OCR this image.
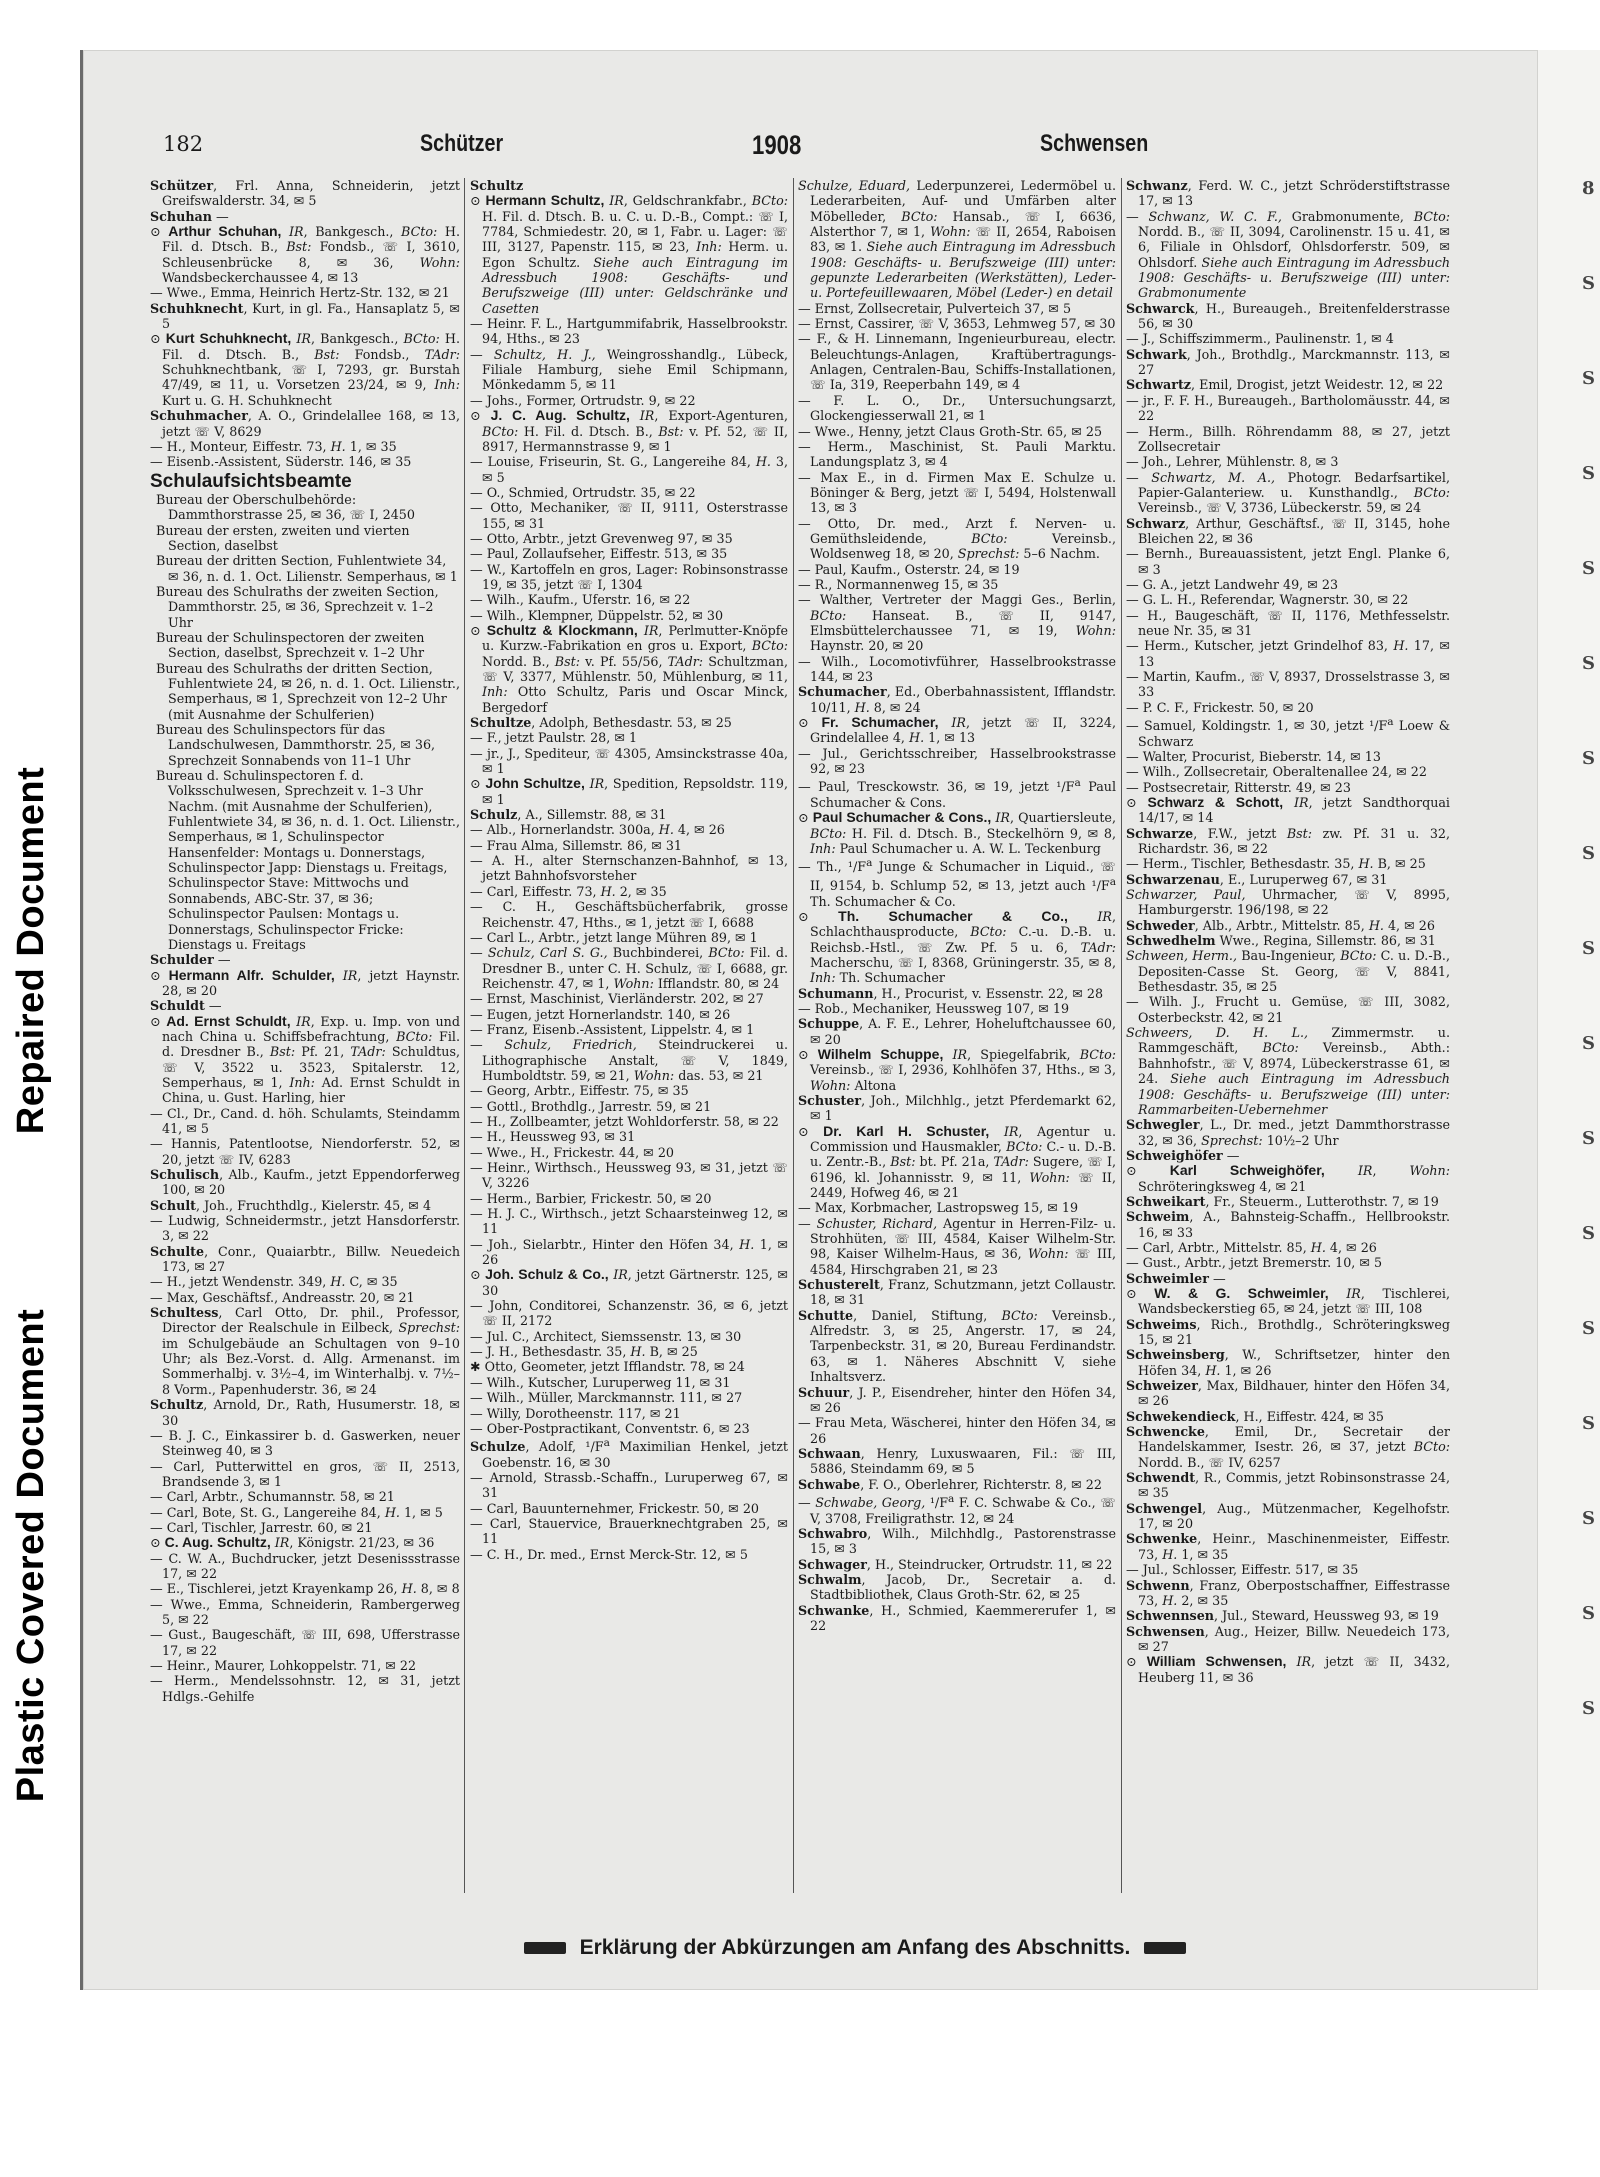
Repaired Document
Plastic Covered Document
8
S
S
S
S
S
S
S
S
S
S
S
S
S
S
S
S
182	Schützer	1908	Schwensen

Schützer, Frl. Anna, Schneiderin, jetzt Greifswalderstr. 34, ✉ 5

Schuhan —

⊙ Arthur Schuhan, IR, Bankgesch., BCto: H. Fil. d. Dtsch. B., Bst: Fondsb., ☏ I, 3610, Schleusenbrücke 8, ✉ 36, Wohn: Wandsbeckerchaussee 4, ✉ 13

— Wwe., Emma, Heinrich Hertz-Str. 132, ✉ 21

Schuhknecht, Kurt, in gl. Fa., Hansaplatz 5, ✉ 5

⊙ Kurt Schuhknecht, IR, Bankgesch., BCto: H. Fil. d. Dtsch. B., Bst: Fondsb., TAdr: Schuhknechtbank, ☏ I, 7293, gr. Burstah 47/49, ✉ 11, u. Vorsetzen 23/24, ✉ 9, Inh: Kurt u. G. H. Schuhknecht

Schuhmacher, A. O., Grindelallee 168, ✉ 13, jetzt ☏ V, 8629

— H., Monteur, Eiffestr. 73, H. 1, ✉ 35

— Eisenb.-Assistent, Süderstr. 146, ✉ 35

Schulaufsichtsbeamte

Bureau der Oberschulbehörde: Dammthorstrasse 25, ✉ 36, ☏ I, 2450

Bureau der ersten, zweiten und vierten Section, daselbst

Bureau der dritten Section, Fuhlentwiete 34, ✉ 36, n. d. 1. Oct. Lilienstr. Semperhaus, ✉ 1

Bureau des Schulraths der zweiten Section, Dammthorstr. 25, ✉ 36, Sprechzeit v. 1–2 Uhr

Bureau der Schulinspectoren der zweiten Section, daselbst, Sprechzeit v. 1–2 Uhr

Bureau des Schulraths der dritten Section, Fuhlentwiete 24, ✉ 26, n. d. 1. Oct. Lilienstr., Semperhaus, ✉ 1, Sprechzeit von 12–2 Uhr (mit Ausnahme der Schulferien)

Bureau des Schulinspectors für das Landschulwesen, Dammthorstr. 25, ✉ 36, Sprechzeit Sonnabends von 11–1 Uhr

Bureau d. Schulinspectoren f. d. Volksschulwesen, Sprechzeit v. 1–3 Uhr Nachm. (mit Ausnahme der Schulferien), Fuhlentwiete 34, ✉ 36, n. d. 1. Oct. Lilienstr., Semperhaus, ✉ 1, Schulinspector Hansenfelder: Montags u. Donnerstags, Schulinspector Japp: Dienstags u. Freitags, Schulinspector Stave: Mittwochs und Sonnabends, ABC-Str. 37, ✉ 36; Schulinspector Paulsen: Montags u. Donnerstags, Schulinspector Fricke: Dienstags u. Freitags

Schulder —

⊙ Hermann Alfr. Schulder, IR, jetzt Haynstr. 28, ✉ 20

Schuldt —

⊙ Ad. Ernst Schuldt, IR, Exp. u. Imp. von und nach China u. Schiffsbefrachtung, BCto: Fil. d. Dresdner B., Bst: Pf. 21, TAdr: Schuldtus, ☏ V, 3522 u. 3523, Spitalerstr. 12, Semperhaus, ✉ 1, Inh: Ad. Ernst Schuldt in China, u. Gust. Harling, hier

— Cl., Dr., Cand. d. höh. Schulamts, Steindamm 41, ✉ 5

— Hannis, Patentlootse, Niendorferstr. 52, ✉ 20, jetzt ☏ IV, 6283

Schulisch, Alb., Kaufm., jetzt Eppendorferweg 100, ✉ 20

Schult, Joh., Fruchthdlg., Kielerstr. 45, ✉ 4

— Ludwig, Schneidermstr., jetzt Hansdorferstr. 3, ✉ 22

Schulte, Conr., Quaiarbtr., Billw. Neuedeich 173, ✉ 27

— H., jetzt Wendenstr. 349, H. C, ✉ 35

— Max, Geschäftsf., Andreasstr. 20, ✉ 21

Schultess, Carl Otto, Dr. phil., Professor, Director der Realschule in Eilbeck, Sprechst: im Schulgebäude an Schultagen von 9–10 Uhr; als Bez.-Vorst. d. Allg. Armenanst. im Sommerhalbj. v. 3½–4, im Winterhalbj. v. 7½–8 Vorm., Papenhuderstr. 36, ✉ 24

Schultz, Arnold, Dr., Rath, Husumerstr. 18, ✉ 30

— B. J. C., Einkassirer b. d. Gaswerken, neuer Steinweg 40, ✉ 3

— Carl, Putterwittel en gros, ☏ II, 2513, Brandsende 3, ✉ 1

— Carl, Arbtr., Schumannstr. 58, ✉ 21

— Carl, Bote, St. G., Langereihe 84, H. 1, ✉ 5

— Carl, Tischler, Jarrestr. 60, ✉ 21

⊙ C. Aug. Schultz, IR, Königstr. 21/23, ✉ 36

— C. W. A., Buchdrucker, jetzt Desenissstrasse 17, ✉ 22

— E., Tischlerei, jetzt Krayenkamp 26, H. 8, ✉ 8

— Wwe., Emma, Schneiderin, Rambergerweg 5, ✉ 22

— Gust., Baugeschäft, ☏ III, 698, Ufferstrasse 17, ✉ 22

— Heinr., Maurer, Lohkoppelstr. 71, ✉ 22

— Herm., Mendelssohnstr. 12, ✉ 31, jetzt Hdlgs.-Gehilfe

Schultz

⊙ Hermann Schultz, IR, Geldschrankfabr., BCto: H. Fil. d. Dtsch. B. u. C. u. D.-B., Compt.: ☏ I, 7784, Schmiedestr. 20, ✉ 1, Fabr. u. Lager: ☏ III, 3127, Papenstr. 115, ✉ 23, Inh: Herm. u. Egon Schultz. Siehe auch Eintragung im Adressbuch 1908: Geschäfts- und Berufszweige (III) unter: Geldschränke und Casetten

— Heinr. F. L., Hartgummifabrik, Hasselbrookstr. 94, Hths., ✉ 23

— Schultz, H. J., Weingrosshandlg., Lübeck, Filiale Hamburg, siehe Emil Schipmann, Mönkedamm 5, ✉ 11

— Johs., Former, Ortrudstr. 9, ✉ 22

⊙ J. C. Aug. Schultz, IR, Export-Agenturen, BCto: H. Fil. d. Dtsch. B., Bst: v. Pf. 52, ☏ II, 8917, Hermannstrasse 9, ✉ 1

— Louise, Friseurin, St. G., Langereihe 84, H. 3, ✉ 5

— O., Schmied, Ortrudstr. 35, ✉ 22

— Otto, Mechaniker, ☏ II, 9111, Osterstrasse 155, ✉ 31

— Otto, Arbtr., jetzt Grevenweg 97, ✉ 35

— Paul, Zollaufseher, Eiffestr. 513, ✉ 35

— W., Kartoffeln en gros, Lager: Robinsonstrasse 19, ✉ 35, jetzt ☏ I, 1304

— Wilh., Kaufm., Uferstr. 16, ✉ 22

— Wilh., Klempner, Düppelstr. 52, ✉ 30

⊙ Schultz & Klockmann, IR, Perlmutter-Knöpfe u. Kurzw.-Fabrikation en gros u. Export, BCto: Nordd. B., Bst: v. Pf. 55/56, TAdr: Schultzman, ☏ V, 3377, Mühlenstr. 50, Mühlenburg, ✉ 11, Inh: Otto Schultz, Paris und Oscar Minck, Bergedorf

Schultze, Adolph, Bethesdastr. 53, ✉ 25

— F., jetzt Paulstr. 28, ✉ 1

— jr., J., Spediteur, ☏ 4305, Amsinckstrasse 40a, ✉ 1

⊙ John Schultze, IR, Spedition, Repsoldstr. 119, ✉ 1

Schulz, A., Sillemstr. 88, ✉ 31

— Alb., Hornerlandstr. 300a, H. 4, ✉ 26

— Frau Alma, Sillemstr. 86, ✉ 31

— A. H., alter Sternschanzen-Bahnhof, ✉ 13, jetzt Bahnhofsvorsteher

— Carl, Eiffestr. 73, H. 2, ✉ 35

— C. H., Geschäftsbücherfabrik, grosse Reichenstr. 47, Hths., ✉ 1, jetzt ☏ I, 6688

— Carl L., Arbtr., jetzt lange Mühren 89, ✉ 1

— Schulz, Carl S. G., Buchbinderei, BCto: Fil. d. Dresdner B., unter C. H. Schulz, ☏ I, 6688, gr. Reichenstr. 47, ✉ 1, Wohn: Ifflandstr. 80, ✉ 24

— Ernst, Maschinist, Vierländerstr. 202, ✉ 27

— Eugen, jetzt Hornerlandstr. 140, ✉ 26

— Franz, Eisenb.-Assistent, Lippelstr. 4, ✉ 1

— Schulz, Friedrich, Steindruckerei u. Lithographische Anstalt, ☏ V, 1849, Humboldtstr. 59, ✉ 21, Wohn: das. 53, ✉ 21

— Georg, Arbtr., Eiffestr. 75, ✉ 35

— Gottl., Brothdlg., Jarrestr. 59, ✉ 21

— H., Zollbeamter, jetzt Wohldorferstr. 58, ✉ 22

— H., Heussweg 93, ✉ 31

— Wwe., H., Frickestr. 44, ✉ 20

— Heinr., Wirthsch., Heussweg 93, ✉ 31, jetzt ☏ V, 3226

— Herm., Barbier, Frickestr. 50, ✉ 20

— H. J. C., Wirthsch., jetzt Schaarsteinweg 12, ✉ 11

— Joh., Sielarbtr., Hinter den Höfen 34, H. 1, ✉ 26

⊙ Joh. Schulz & Co., IR, jetzt Gärtnerstr. 125, ✉ 30

— John, Conditorei, Schanzenstr. 36, ✉ 6, jetzt ☏ II, 2172

— Jul. C., Architect, Siemssenstr. 13, ✉ 30

— J. H., Bethesdastr. 35, H. B, ✉ 25

✱ Otto, Geometer, jetzt Ifflandstr. 78, ✉ 24

— Wilh., Kutscher, Luruperweg 11, ✉ 31

— Wilh., Müller, Marckmannstr. 111, ✉ 27

— Willy, Dorotheenstr. 117, ✉ 21

— Ober-Postpractikant, Conventstr. 6, ✉ 23

Schulze, Adolf, $^1/F^a$ Maximilian Henkel, jetzt Goebenstr. 16, ✉ 30

— Arnold, Strassb.-Schaffn., Luruperweg 67, ✉ 31

— Carl, Bauunternehmer, Frickestr. 50, ✉ 20

— Carl, Stauervice, Brauerknechtgraben 25, ✉ 11

— C. H., Dr. med., Ernst Merck-Str. 12, ✉ 5

Schulze, Eduard, Lederpunzerei, Ledermöbel u. Lederarbeiten, Auf- und Umfärben alter Möbelleder, BCto: Hansab., ☏ I, 6636, Alsterthor 7, ✉ 1, Wohn: ☏ II, 2654, Raboisen 83, ✉ 1. Siehe auch Eintragung im Adressbuch 1908: Geschäfts- u. Berufszweige (III) unter: gepunzte Lederarbeiten (Werkstätten), Leder- u. Portefeuillewaaren, Möbel (Leder-) en detail

— Ernst, Zollsecretair, Pulverteich 37, ✉ 5

— Ernst, Cassirer, ☏ V, 3653, Lehmweg 57, ✉ 30

— F., & H. Linnemann, Ingenieurbureau, electr. Beleuchtungs-Anlagen, Kraftübertragungs-Anlagen, Centralen-Bau, Schiffs-Installationen, ☏ Ia, 319, Reeperbahn 149, ✉ 4

— F. L. O., Dr., Untersuchungsarzt, Glockengiesserwall 21, ✉ 1

— Wwe., Henny, jetzt Claus Groth-Str. 65, ✉ 25

— Herm., Maschinist, St. Pauli Marktu. Landungsplatz 3, ✉ 4

— Max E., in d. Firmen Max E. Schulze u. Böninger & Berg, jetzt ☏ I, 5494, Holstenwall 13, ✉ 3

— Otto, Dr. med., Arzt f. Nerven- u. Gemüthsleidende, BCto: Vereinsb., Woldsenweg 18, ✉ 20, Sprechst: 5–6 Nachm.

— Paul, Kaufm., Osterstr. 24, ✉ 19

— R., Normannenweg 15, ✉ 35

— Walther, Vertreter der Maggi Ges., Berlin, BCto: Hanseat. B., ☏ II, 9147, Elmsbüttelerchaussee 71, ✉ 19, Wohn: Haynstr. 20, ✉ 20

— Wilh., Locomotivführer, Hasselbrookstrasse 144, ✉ 23

Schumacher, Ed., Oberbahnassistent, Ifflandstr. 10/11, H. 8, ✉ 24

⊙ Fr. Schumacher, IR, jetzt ☏ II, 3224, Grindelallee 4, H. 1, ✉ 13

— Jul., Gerichtsschreiber, Hasselbrookstrasse 92, ✉ 23

— Paul, Tresckowstr. 36, ✉ 19, jetzt $^1/F^a$ Paul Schumacher & Cons.

⊙ Paul Schumacher & Cons., IR, Quartiersleute, BCto: H. Fil. d. Dtsch. B., Steckelhörn 9, ✉ 8, Inh: Paul Schumacher u. A. W. L. Teckenburg

— Th., $^1/F^a$ Junge & Schumacher in Liquid., ☏ II, 9154, b. Schlump 52, ✉ 13, jetzt auch $^1/F^a$ Th. Schumacher & Co.

⊙ Th. Schumacher & Co., IR, Schlachthausproducte, BCto: C.-u. D.-B. u. Reichsb.-Hstl., ☏ Zw. Pf. 5 u. 6, TAdr: Macherschu, ☏ I, 8368, Grüningerstr. 35, ✉ 8, Inh: Th. Schumacher

Schumann, H., Procurist, v. Essenstr. 22, ✉ 28

— Rob., Mechaniker, Heussweg 107, ✉ 19

Schuppe, A. F. E., Lehrer, Hoheluftchaussee 60, ✉ 20

⊙ Wilhelm Schuppe, IR, Spiegelfabrik, BCto: Vereinsb., ☏ I, 2936, Kohlhöfen 37, Hths., ✉ 3, Wohn: Altona

Schuster, Joh., Milchhlg., jetzt Pferdemarkt 62, ✉ 1

⊙ Dr. Karl H. Schuster, IR, Agentur u. Commission und Hausmakler, BCto: C.- u. D.-B. u. Zentr.-B., Bst: bt. Pf. 21a, TAdr: Sugere, ☏ I, 6196, kl. Johannisstr. 9, ✉ 11, Wohn: ☏ II, 2449, Hofweg 46, ✉ 21

— Max, Korbmacher, Lastropsweg 15, ✉ 19

— Schuster, Richard, Agentur in Herren-Filz- u. Strohhüten, ☏ III, 4584, Kaiser Wilhelm-Str. 98, Kaiser Wilhelm-Haus, ✉ 36, Wohn: ☏ III, 4584, Hirschgraben 21, ✉ 23

Schusterelt, Franz, Schutzmann, jetzt Collaustr. 18, ✉ 31

Schutte, Daniel, Stiftung, BCto: Vereinsb., Alfredstr. 3, ✉ 25, Angerstr. 17, ✉ 24, Tarpenbeckstr. 31, ✉ 20, Bureau Ferdinandstr. 63, ✉ 1. Näheres Abschnitt V, siehe Inhaltsverz.

Schuur, J. P., Eisendreher, hinter den Höfen 34, ✉ 26

— Frau Meta, Wäscherei, hinter den Höfen 34, ✉ 26

Schwaan, Henry, Luxuswaaren, Fil.: ☏ III, 5886, Steindamm 69, ✉ 5

Schwabe, F. O., Oberlehrer, Richterstr. 8, ✉ 22

— Schwabe, Georg, $^1/F^a$ F. C. Schwabe & Co., ☏ V, 3708, Freiligrathstr. 12, ✉ 24

Schwabro, Wilh., Milchhdlg., Pastorenstrasse 15, ✉ 3

Schwager, H., Steindrucker, Ortrudstr. 11, ✉ 22

Schwalm, Jacob, Dr., Secretair a. d. Stadtbibliothek, Claus Groth-Str. 62, ✉ 25

Schwanke, H., Schmied, Kaemmererufer 1, ✉ 22

Schwanz, Ferd. W. C., jetzt Schröderstiftstrasse 17, ✉ 13

— Schwanz, W. C. F., Grabmonumente, BCto: Nordd. B., ☏ II, 3094, Carolinenstr. 15 u. 41, ✉ 6, Filiale in Ohlsdorf, Ohlsdorferstr. 509, ✉ Ohlsdorf. Siehe auch Eintragung im Adressbuch 1908: Geschäfts- u. Berufszweige (III) unter: Grabmonumente

Schwarck, H., Bureaugeh., Breitenfelderstrasse 56, ✉ 30

— J., Schiffszimmerm., Paulinenstr. 1, ✉ 4

Schwark, Joh., Brothdlg., Marckmannstr. 113, ✉ 27

Schwartz, Emil, Drogist, jetzt Weidestr. 12, ✉ 22

— jr., F. F. H., Bureaugeh., Bartholomäusstr. 44, ✉ 22

— Herm., Billh. Röhrendamm 88, ✉ 27, jetzt Zollsecretair

— Joh., Lehrer, Mühlenstr. 8, ✉ 3

— Schwartz, M. A., Photogr. Bedarfsartikel, Papier-Galanteriew. u. Kunsthandlg., BCto: Vereinsb., ☏ V, 3736, Lübeckerstr. 59, ✉ 24

Schwarz, Arthur, Geschäftsf., ☏ II, 3145, hohe Bleichen 22, ✉ 36

— Bernh., Bureauassistent, jetzt Engl. Planke 6, ✉ 3

— G. A., jetzt Landwehr 49, ✉ 23

— G. L. H., Referendar, Wagnerstr. 30, ✉ 22

— H., Baugeschäft, ☏ II, 1176, Methfesselstr. neue Nr. 35, ✉ 31

— Herm., Kutscher, jetzt Grindelhof 83, H. 17, ✉ 13

— Martin, Kaufm., ☏ V, 8937, Drosselstrasse 3, ✉ 33

— P. C. F., Frickestr. 50, ✉ 20

— Samuel, Koldingstr. 1, ✉ 30, jetzt $^1/F^a$ Loew & Schwarz

— Walter, Procurist, Bieberstr. 14, ✉ 13

— Wilh., Zollsecretair, Oberaltenallee 24, ✉ 22

— Postsecretair, Ritterstr. 49, ✉ 23

⊙ Schwarz & Schott, IR, jetzt Sandthorquai 14/17, ✉ 14

Schwarze, F.W., jetzt Bst: zw. Pf. 31 u. 32, Richardstr. 36, ✉ 22

— Herm., Tischler, Bethesdastr. 35, H. B, ✉ 25

Schwarzenau, E., Luruperweg 67, ✉ 31

Schwarzer, Paul, Uhrmacher, ☏ V, 8995, Hamburgerstr. 196/198, ✉ 22

Schweder, Alb., Arbtr., Mittelstr. 85, H. 4, ✉ 26

Schwedhelm Wwe., Regina, Sillemstr. 86, ✉ 31

Schween, Herm., Bau-Ingenieur, BCto: C. u. D.-B., Depositen-Casse St. Georg, ☏ V, 8841, Bethesdastr. 35, ✉ 25

— Wilh. J., Frucht u. Gemüse, ☏ III, 3082, Osterbeckstr. 42, ✉ 21

Schweers, D. H. L., Zimmermstr. u. Rammgeschäft, BCto: Vereinsb., Abth.: Bahnhofstr., ☏ V, 8974, Lübeckerstrasse 61, ✉ 24. Siehe auch Eintragung im Adressbuch 1908: Geschäfts- u. Berufszweige (III) unter: Rammarbeiten-Uebernehmer

Schwegler, L., Dr. med., jetzt Dammthorstrasse 32, ✉ 36, Sprechst: 10½–2 Uhr

Schweighöfer —

⊙ Karl Schweighöfer,	IR, Wohn: Schröteringksweg 4, ✉ 21

Schweikart, Fr., Steuerm., Lutterothstr. 7, ✉ 19

Schweim, A., Bahnsteig-Schaffn., Hellbrookstr. 16, ✉ 33

— Carl, Arbtr., Mittelstr. 85, H. 4, ✉ 26

— Gust., Arbtr., jetzt Bremerstr. 10, ✉ 5

Schweimler —

⊙ W. & G. Schweimler, IR, Tischlerei, Wandsbeckerstieg 65, ✉ 24, jetzt ☏ III, 108

Schweims, Rich., Brothdlg., Schröteringksweg 15, ✉ 21

Schweinsberg, W., Schriftsetzer, hinter den Höfen 34, H. 1, ✉ 26

Schweizer, Max, Bildhauer, hinter den Höfen 34, ✉ 26

Schwekendieck, H., Eiffestr. 424, ✉ 35

Schwencke, Emil, Dr., Secretair der Handelskammer, Isestr. 26, ✉ 37, jetzt BCto: Nordd. B., ☏ IV, 6257

Schwendt, R., Commis, jetzt Robinsonstrasse 24, ✉ 35

Schwengel, Aug., Mützenmacher, Kegelhofstr. 17, ✉ 20

Schwenke, Heinr., Maschinenmeister, Eiffestr. 73, H. 1, ✉ 35

— Jul., Schlosser, Eiffestr. 517, ✉ 35

Schwenn, Franz, Oberpostschaffner, Eiffestrasse 73, H. 2, ✉ 35

Schwennsen, Jul., Steward, Heussweg 93, ✉ 19

Schwensen, Aug., Heizer, Billw. Neuedeich 173, ✉ 27

⊙ William Schwensen, IR, jetzt ☏ II, 3432, Heuberg 11, ✉ 36

Erklärung der Abkürzungen am Anfang des Abschnitts.
